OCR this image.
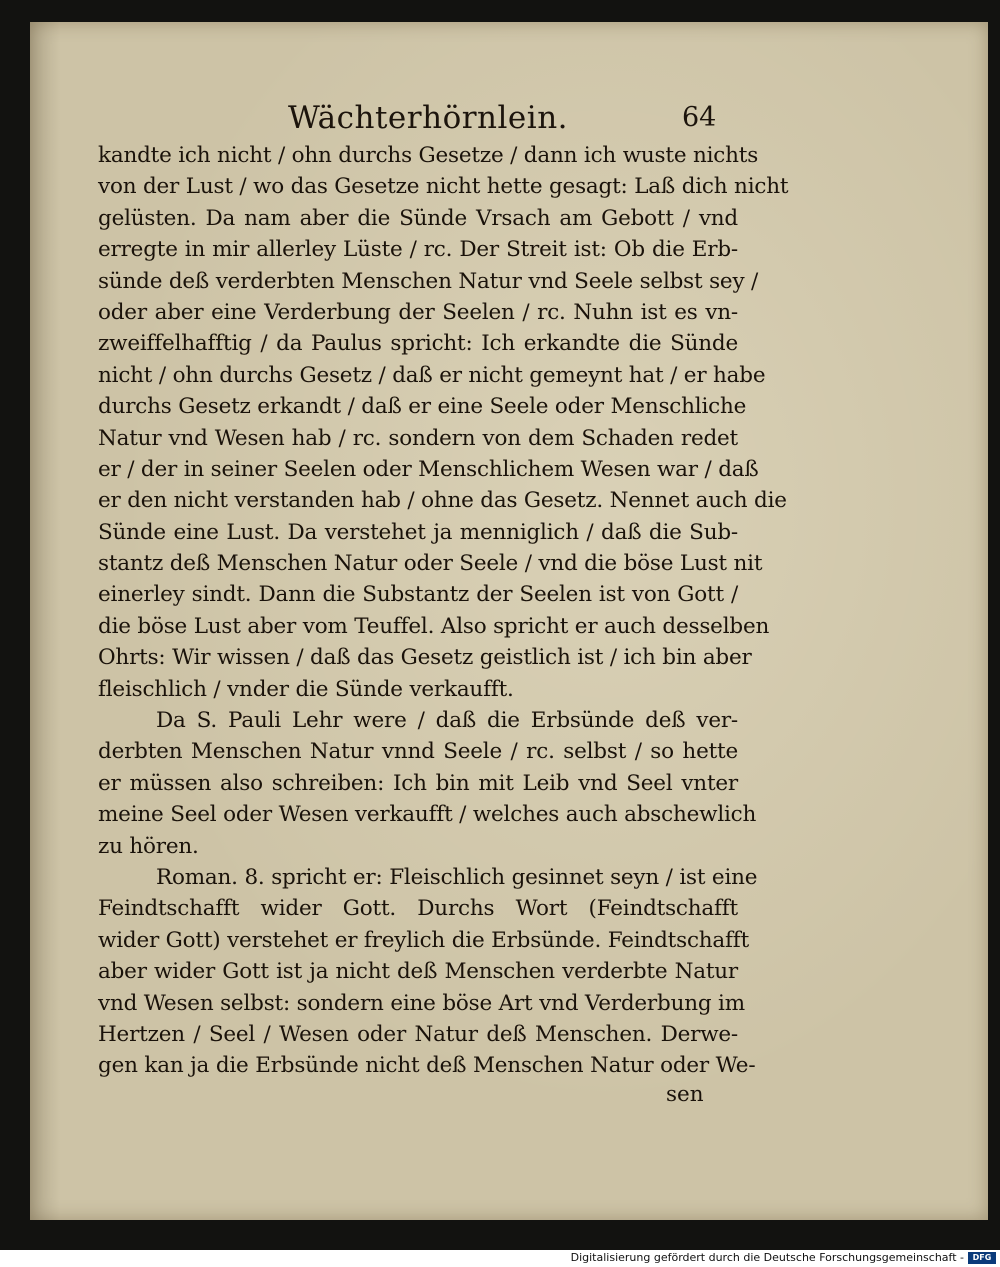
Wächterhörnlein.	64
kandte ich nicht / ohn durchs Gesetze / dann ich wuste nichts
von der Lust / wo das Gesetze nicht hette gesagt: Laß dich nicht
gelüsten. Da nam aber die Sünde Vrsach am Gebott / vnd
erregte in mir allerley Lüste / rc. Der Streit ist: Ob die Erb-
sünde deß verderbten Menschen Natur vnd Seele selbst sey /
oder aber eine Verderbung der Seelen / rc. Nuhn ist es vn-
zweiffelhafftig / da Paulus spricht: Ich erkandte die Sünde
nicht / ohn durchs Gesetz / daß er nicht gemeynt hat / er habe
durchs Gesetz erkandt / daß er eine Seele oder Menschliche
Natur vnd Wesen hab / rc. sondern von dem Schaden redet
er / der in seiner Seelen oder Menschlichem Wesen war / daß
er den nicht verstanden hab / ohne das Gesetz. Nennet auch die
Sünde eine Lust. Da verstehet ja menniglich / daß die Sub-
stantz deß Menschen Natur oder Seele / vnd die böse Lust nit
einerley sindt. Dann die Substantz der Seelen ist von Gott /
die böse Lust aber vom Teuffel. Also spricht er auch desselben
Ohrts: Wir wissen / daß das Gesetz geistlich ist / ich bin aber
fleischlich / vnder die Sünde verkaufft.
Da S. Pauli Lehr were / daß die Erbsünde deß ver-
derbten Menschen Natur vnnd Seele / rc. selbst / so hette
er müssen also schreiben: Ich bin mit Leib vnd Seel vnter
meine Seel oder Wesen verkaufft / welches auch abschewlich
zu hören.
Roman. 8. spricht er: Fleischlich gesinnet seyn / ist eine
Feindtschafft wider Gott. Durchs Wort (Feindtschafft
wider Gott) verstehet er freylich die Erbsünde. Feindtschafft
aber wider Gott ist ja nicht deß Menschen verderbte Natur
vnd Wesen selbst: sondern eine böse Art vnd Verderbung im
Hertzen / Seel / Wesen oder Natur deß Menschen. Derwe-
gen kan ja die Erbsünde nicht deß Menschen Natur oder We-
sen
Digitalisierung gefördert durch die Deutsche Forschungsgemeinschaft -	DFG
